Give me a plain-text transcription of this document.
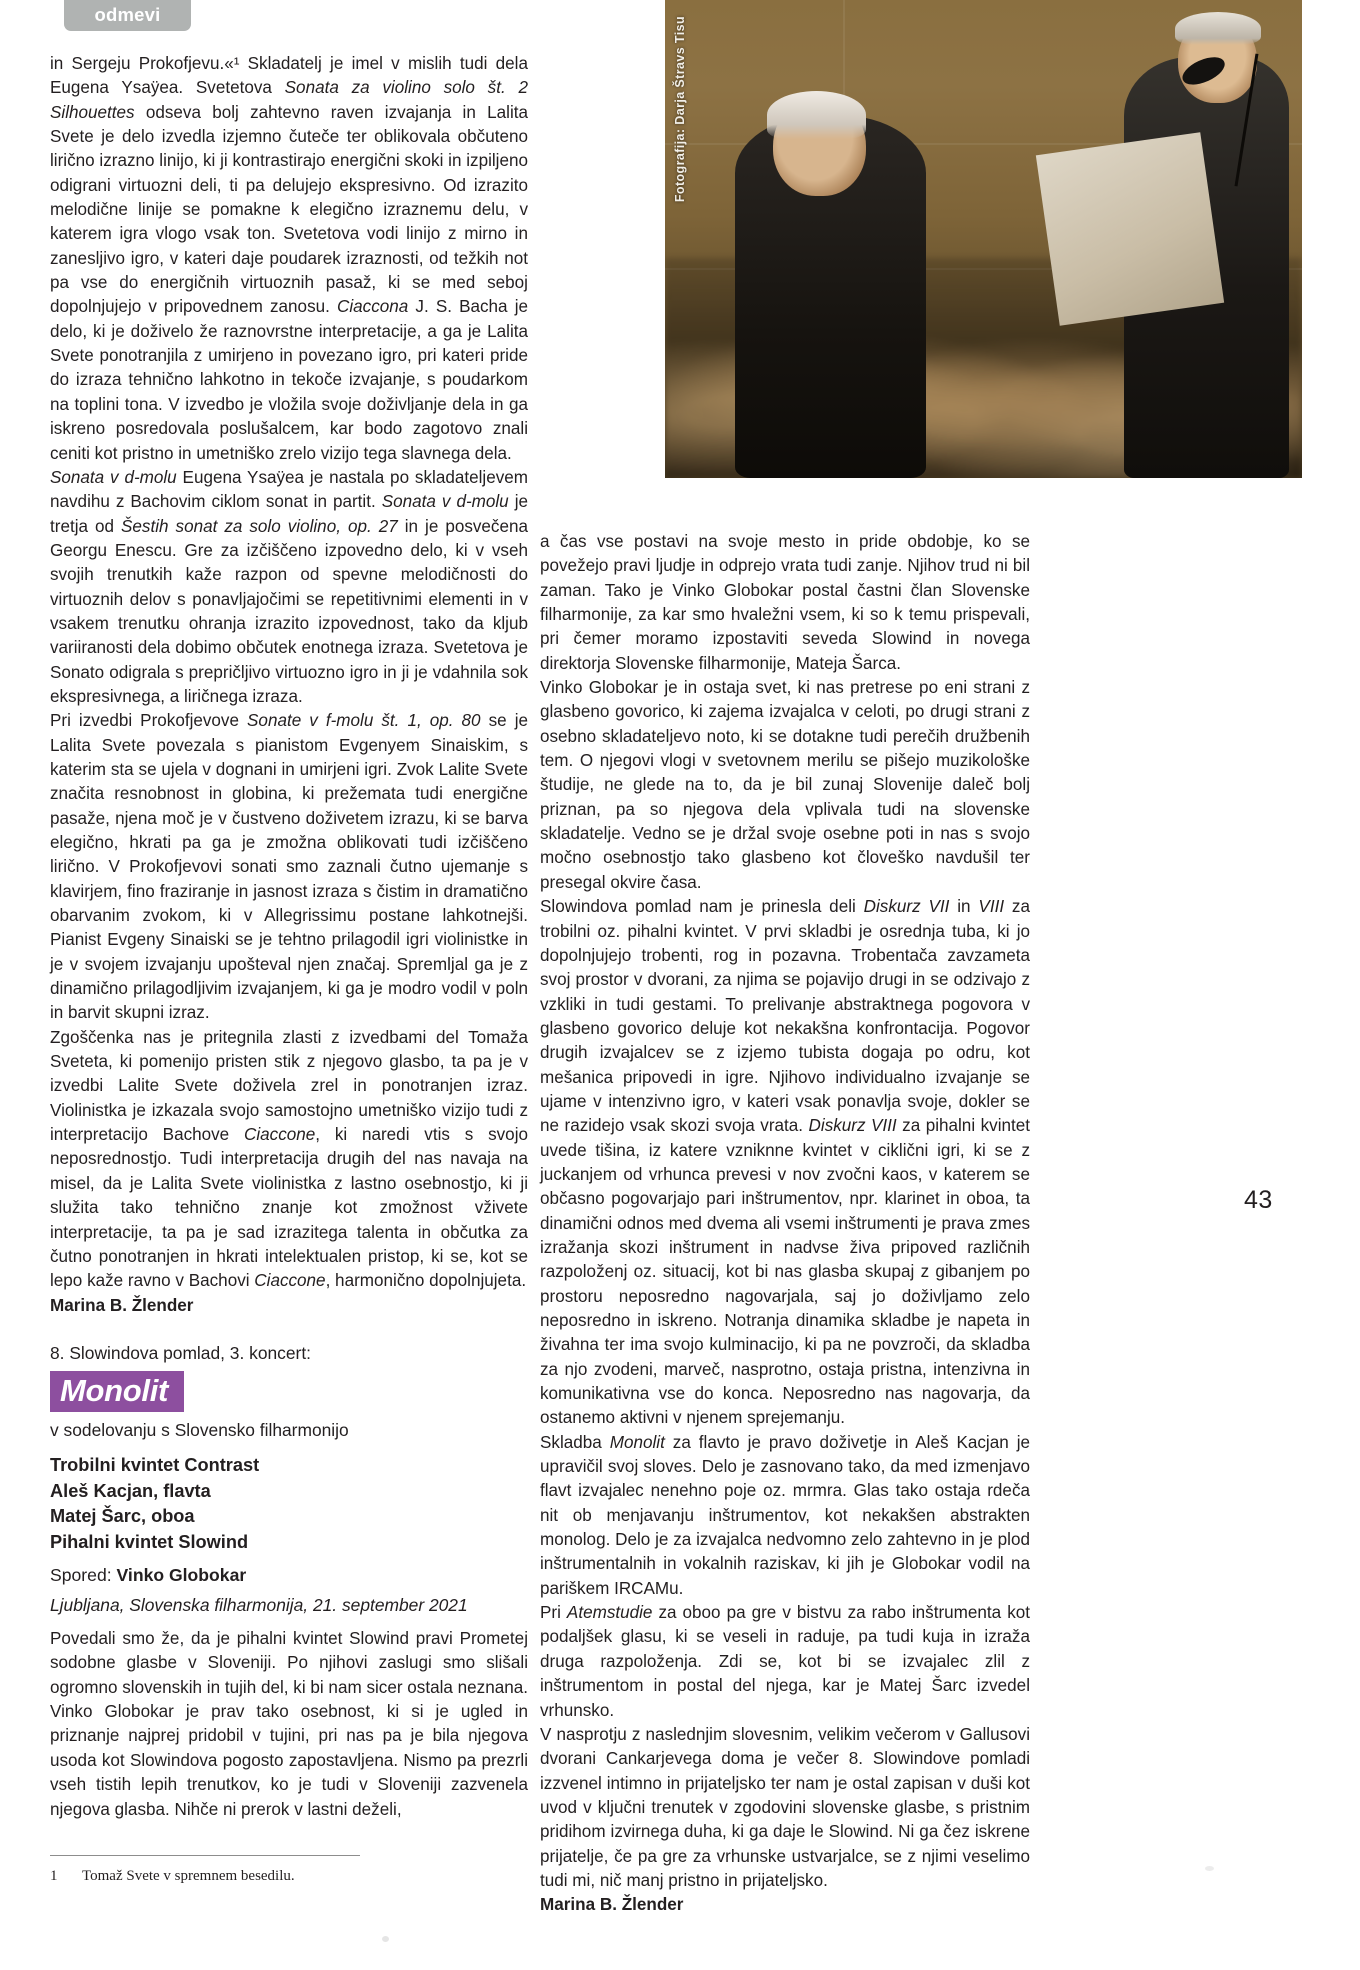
odmevi
Fotografija: Darja Štravs Tisu

in Sergeju Prokofjevu.«¹ Skladatelj je imel v mislih tudi dela Eugena Ysaÿea. Svetetova Sonata za violino solo št. 2 Silhouettes odseva bolj zahtevno raven izvajanja in Lalita Svete je delo izvedla izjemno čuteče ter oblikovala občuteno lirično izrazno linijo, ki ji kontrastirajo energični skoki in izpiljeno odigrani virtuozni deli, ti pa delujejo ekspresivno. Od izrazito melodične linije se pomakne k elegično izraznemu delu, v katerem igra vlogo vsak ton. Svetetova vodi linijo z mirno in zanesljivo igro, v kateri daje poudarek izraznosti, od težkih not pa vse do energičnih virtuoznih pasaž, ki se med seboj dopolnjujejo v pripovednem zanosu. Ciaccona J. S. Bacha je delo, ki je doživelo že raznovrstne interpretacije, a ga je Lalita Svete ponotranjila z umirjeno in povezano igro, pri kateri pride do izraza tehnično lahkotno in tekoče izvajanje, s poudarkom na toplini tona. V izvedbo je vložila svoje doživljanje dela in ga iskreno posredovala poslušalcem, kar bodo zagotovo znali ceniti kot pristno in umetniško zrelo vizijo tega slavnega dela.

Sonata v d-molu Eugena Ysaÿea je nastala po skladateljevem navdihu z Bachovim ciklom sonat in partit. Sonata v d-molu je tretja od Šestih sonat za solo violino, op. 27 in je posvečena Georgu Enescu. Gre za izčiščeno izpovedno delo, ki v vseh svojih trenutkih kaže razpon od spevne melodičnosti do virtuoznih delov s ponavljajočimi se repetitivnimi elementi in v vsakem trenutku ohranja izrazito izpovednost, tako da kljub variiranosti dela dobimo občutek enotnega izraza. Svetetova je Sonato odigrala s prepričljivo virtuozno igro in ji je vdahnila sok ekspresivnega, a liričnega izraza.

Pri izvedbi Prokofjevove Sonate v f-molu št. 1, op. 80 se je Lalita Svete povezala s pianistom Evgenyem Sinaiskim, s katerim sta se ujela v dognani in umirjeni igri. Zvok Lalite Svete značita resnobnost in globina, ki prežemata tudi energične pasaže, njena moč je v čustveno doživetem izrazu, ki se barva elegično, hkrati pa ga je zmožna oblikovati tudi izčiščeno lirično. V Prokofjevovi sonati smo zaznali čutno ujemanje s klavirjem, fino fraziranje in jasnost izraza s čistim in dramatično obarvanim zvokom, ki v Allegrissimu postane lahkotnejši. Pianist Evgeny Sinaiski se je tehtno prilagodil igri violinistke in je v svojem izvajanju upošteval njen značaj. Spremljal ga je z dinamično prilagodljivim izvajanjem, ki ga je modro vodil v poln in barvit skupni izraz.

Zgoščenka nas je pritegnila zlasti z izvedbami del Tomaža Sveteta, ki pomenijo pristen stik z njegovo glasbo, ta pa je v izvedbi Lalite Svete doživela zrel in ponotranjen izraz. Violinistka je izkazala svojo samostojno umetniško vizijo tudi z interpretacijo Bachove Ciaccone, ki naredi vtis s svojo neposrednostjo. Tudi interpretacija drugih del nas navaja na misel, da je Lalita Svete violinistka z lastno osebnostjo, ki ji služita tako tehnično znanje kot zmožnost vživete interpretacije, ta pa je sad izrazitega talenta in občutka za čutno ponotranjen in hkrati intelektualen pristop, ki se, kot se lepo kaže ravno v Bachovi Ciaccone, harmonično dopolnjujeta.

Marina B. Žlender

8. Slowindova pomlad, 3. koncert:
Monolit
v sodelovanju s Slovensko filharmonijo
Trobilni kvintet Contrast
Aleš Kacjan, flavta
Matej Šarc, oboa
Pihalni kvintet Slowind
Spored: Vinko Globokar
Ljubljana, Slovenska filharmonija, 21. september 2021

Povedali smo že, da je pihalni kvintet Slowind pravi Prometej sodobne glasbe v Sloveniji. Po njihovi zaslugi smo slišali ogromno slovenskih in tujih del, ki bi nam sicer ostala neznana. Vinko Globokar je prav tako osebnost, ki si je ugled in priznanje najprej pridobil v tujini, pri nas pa je bila njegova usoda kot Slowindova pogosto zapostavljena. Nismo pa prezrli vseh tistih lepih trenutkov, ko je tudi v Sloveniji zazvenela njegova glasba. Nihče ni prerok v lastni deželi,

1 Tomaž Svete v spremnem besedilu.

a čas vse postavi na svoje mesto in pride obdobje, ko se povežejo pravi ljudje in odprejo vrata tudi zanje. Njihov trud ni bil zaman. Tako je Vinko Globokar postal častni član Slovenske filharmonije, za kar smo hvaležni vsem, ki so k temu prispevali, pri čemer moramo izpostaviti seveda Slowind in novega direktorja Slovenske filharmonije, Mateja Šarca.

Vinko Globokar je in ostaja svet, ki nas pretrese po eni strani z glasbeno govorico, ki zajema izvajalca v celoti, po drugi strani z osebno skladateljevo noto, ki se dotakne tudi perečih družbenih tem. O njegovi vlogi v svetovnem merilu se pišejo muzikološke študije, ne glede na to, da je bil zunaj Slovenije daleč bolj priznan, pa so njegova dela vplivala tudi na slovenske skladatelje. Vedno se je držal svoje osebne poti in nas s svojo močno osebnostjo tako glasbeno kot človeško navdušil ter presegal okvire časa.

Slowindova pomlad nam je prinesla deli Diskurz VII in VIII za trobilni oz. pihalni kvintet. V prvi skladbi je osrednja tuba, ki jo dopolnjujejo trobenti, rog in pozavna. Trobentača zavzameta svoj prostor v dvorani, za njima se pojavijo drugi in se odzivajo z vzkliki in tudi gestami. To prelivanje abstraktnega pogovora v glasbeno govorico deluje kot nekakšna konfrontacija. Pogovor drugih izvajalcev se z izjemo tubista dogaja po odru, kot mešanica pripovedi in igre. Njihovo individualno izvajanje se ujame v intenzivno igro, v kateri vsak ponavlja svoje, dokler se ne razidejo vsak skozi svoja vrata. Diskurz VIII za pihalni kvintet uvede tišina, iz katere vzniknne kvintet v ciklični igri, ki se z juckanjem od vrhunca prevesi v nov zvočni kaos, v katerem se občasno pogovarjajo pari inštrumentov, npr. klarinet in oboa, ta dinamični odnos med dvema ali vsemi inštrumenti je prava zmes izražanja skozi inštrument in nadvse živa pripoved različnih razpoloženj oz. situacij, kot bi nas glasba skupaj z gibanjem po prostoru neposredno nagovarjala, saj jo doživljamo zelo neposredno in iskreno. Notranja dinamika skladbe je napeta in živahna ter ima svojo kulminacijo, ki pa ne povzroči, da skladba za njo zvodeni, marveč, nasprotno, ostaja pristna, intenzivna in komunikativna vse do konca. Neposredno nas nagovarja, da ostanemo aktivni v njenem sprejemanju.

Skladba Monolit za flavto je pravo doživetje in Aleš Kacjan je upravičil svoj sloves. Delo je zasnovano tako, da med izmenjavo flavt izvajalec nenehno poje oz. mrmra. Glas tako ostaja rdeča nit ob menjavanju inštrumentov, kot nekakšen abstrakten monolog. Delo je za izvajalca nedvomno zelo zahtevno in je plod inštrumentalnih in vokalnih raziskav, ki jih je Globokar vodil na pariškem IRCAMu.

Pri Atemstudie za oboo pa gre v bistvu za rabo inštrumenta kot podaljšek glasu, ki se veseli in raduje, pa tudi kuja in izraža druga razpoloženja. Zdi se, kot bi se izvajalec zlil z inštrumentom in postal del njega, kar je Matej Šarc izvedel vrhunsko.

V nasprotju z naslednjim slovesnim, velikim večerom v Gallusovi dvorani Cankarjevega doma je večer 8. Slowindove pomladi izzvenel intimno in prijateljsko ter nam je ostal zapisan v duši kot uvod v ključni trenutek v zgodovini slovenske glasbe, s pristnim pridihom izvirnega duha, ki ga daje le Slowind. Ni ga čez iskrene prijatelje, če pa gre za vrhunske ustvarjalce, se z njimi veselimo tudi mi, nič manj pristno in prijateljsko.

Marina B. Žlender

43
